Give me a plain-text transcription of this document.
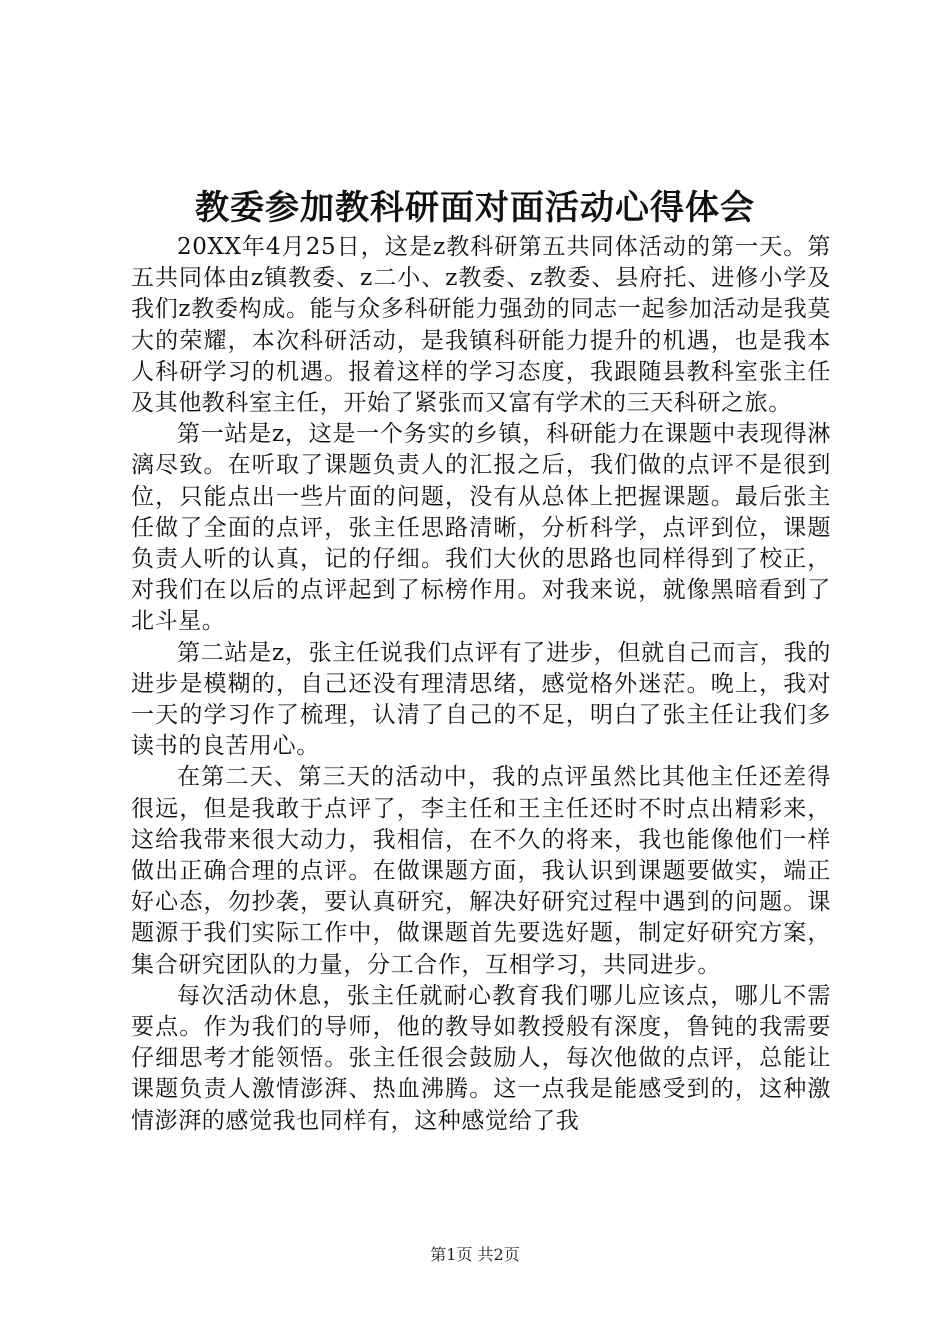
教委参加教科研面对面活动心得体会

20XX年4月25日，这是z教科研第五共同体活动的第一天。第五共同体由z镇教委、z二小、z教委、z教委、县府托、进修小学及我们z教委构成。能与众多科研能力强劲的同志一起参加活动是我莫大的荣耀，本次科研活动，是我镇科研能力提升的机遇，也是我本人科研学习的机遇。报着这样的学习态度，我跟随县教科室张主任及其他教科室主任，开始了紧张而又富有学术的三天科研之旅。

第一站是z，这是一个务实的乡镇，科研能力在课题中表现得淋漓尽致。在听取了课题负责人的汇报之后，我们做的点评不是很到位，只能点出一些片面的问题，没有从总体上把握课题。最后张主任做了全面的点评，张主任思路清晰，分析科学，点评到位，课题负责人听的认真，记的仔细。我们大伙的思路也同样得到了校正，对我们在以后的点评起到了标榜作用。对我来说，就像黑暗看到了北斗星。

第二站是z，张主任说我们点评有了进步，但就自己而言，我的进步是模糊的，自己还没有理清思绪，感觉格外迷茫。晚上，我对一天的学习作了梳理，认清了自己的不足，明白了张主任让我们多读书的良苦用心。

在第二天、第三天的活动中，我的点评虽然比其他主任还差得很远，但是我敢于点评了，李主任和王主任还时不时点出精彩来，这给我带来很大动力，我相信，在不久的将来，我也能像他们一样做出正确合理的点评。在做课题方面，我认识到课题要做实，端正好心态，勿抄袭，要认真研究，解决好研究过程中遇到的问题。课题源于我们实际工作中，做课题首先要选好题，制定好研究方案，集合研究团队的力量，分工合作，互相学习，共同进步。

每次活动休息，张主任就耐心教育我们哪儿应该点，哪儿不需要点。作为我们的导师，他的教导如教授般有深度，鲁钝的我需要仔细思考才能领悟。张主任很会鼓励人，每次他做的点评，总能让课题负责人激情澎湃、热血沸腾。这一点我是能感受到的，这种激情澎湃的感觉我也同样有，这种感觉给了我

第1页 共2页
